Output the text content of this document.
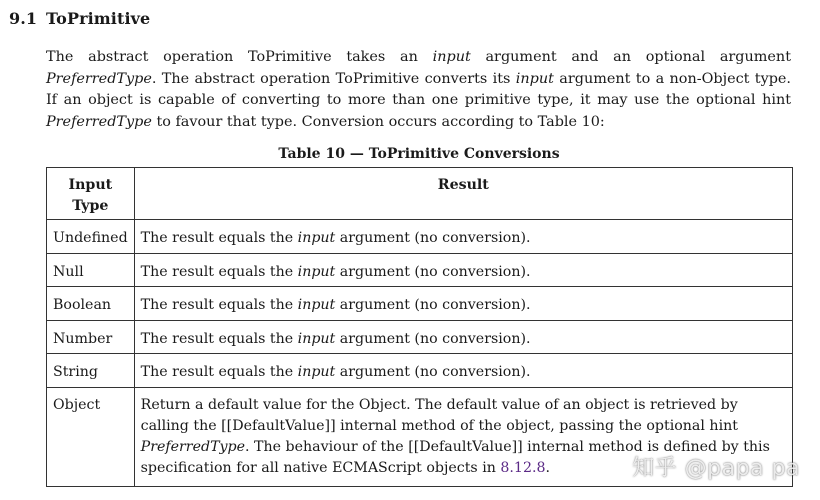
9.1 ToPrimitive
The abstract operation ToPrimitive takes an input argument and an optional argument PreferredType. The abstract operation ToPrimitive converts its input argument to a non-Object type. If an object is capable of converting to more than one primitive type, it may use the optional hint PreferredType to favour that type. Conversion occurs according to Table 10:
Table 10 — ToPrimitive Conversions
Input
Type	Result
Undefined	The result equals the input argument (no conversion).
Null	The result equals the input argument (no conversion).
Boolean	The result equals the input argument (no conversion).
Number	The result equals the input argument (no conversion).
String	The result equals the input argument (no conversion).
Object	Return a default value for the Object. The default value of an object is retrieved by calling the [[DefaultValue]] internal method of the object, passing the optional hint PreferredType. The behaviour of the [[DefaultValue]] internal method is defined by this specification for all native ECMAScript objects in 8.12.8.	知乎 @papa pa
